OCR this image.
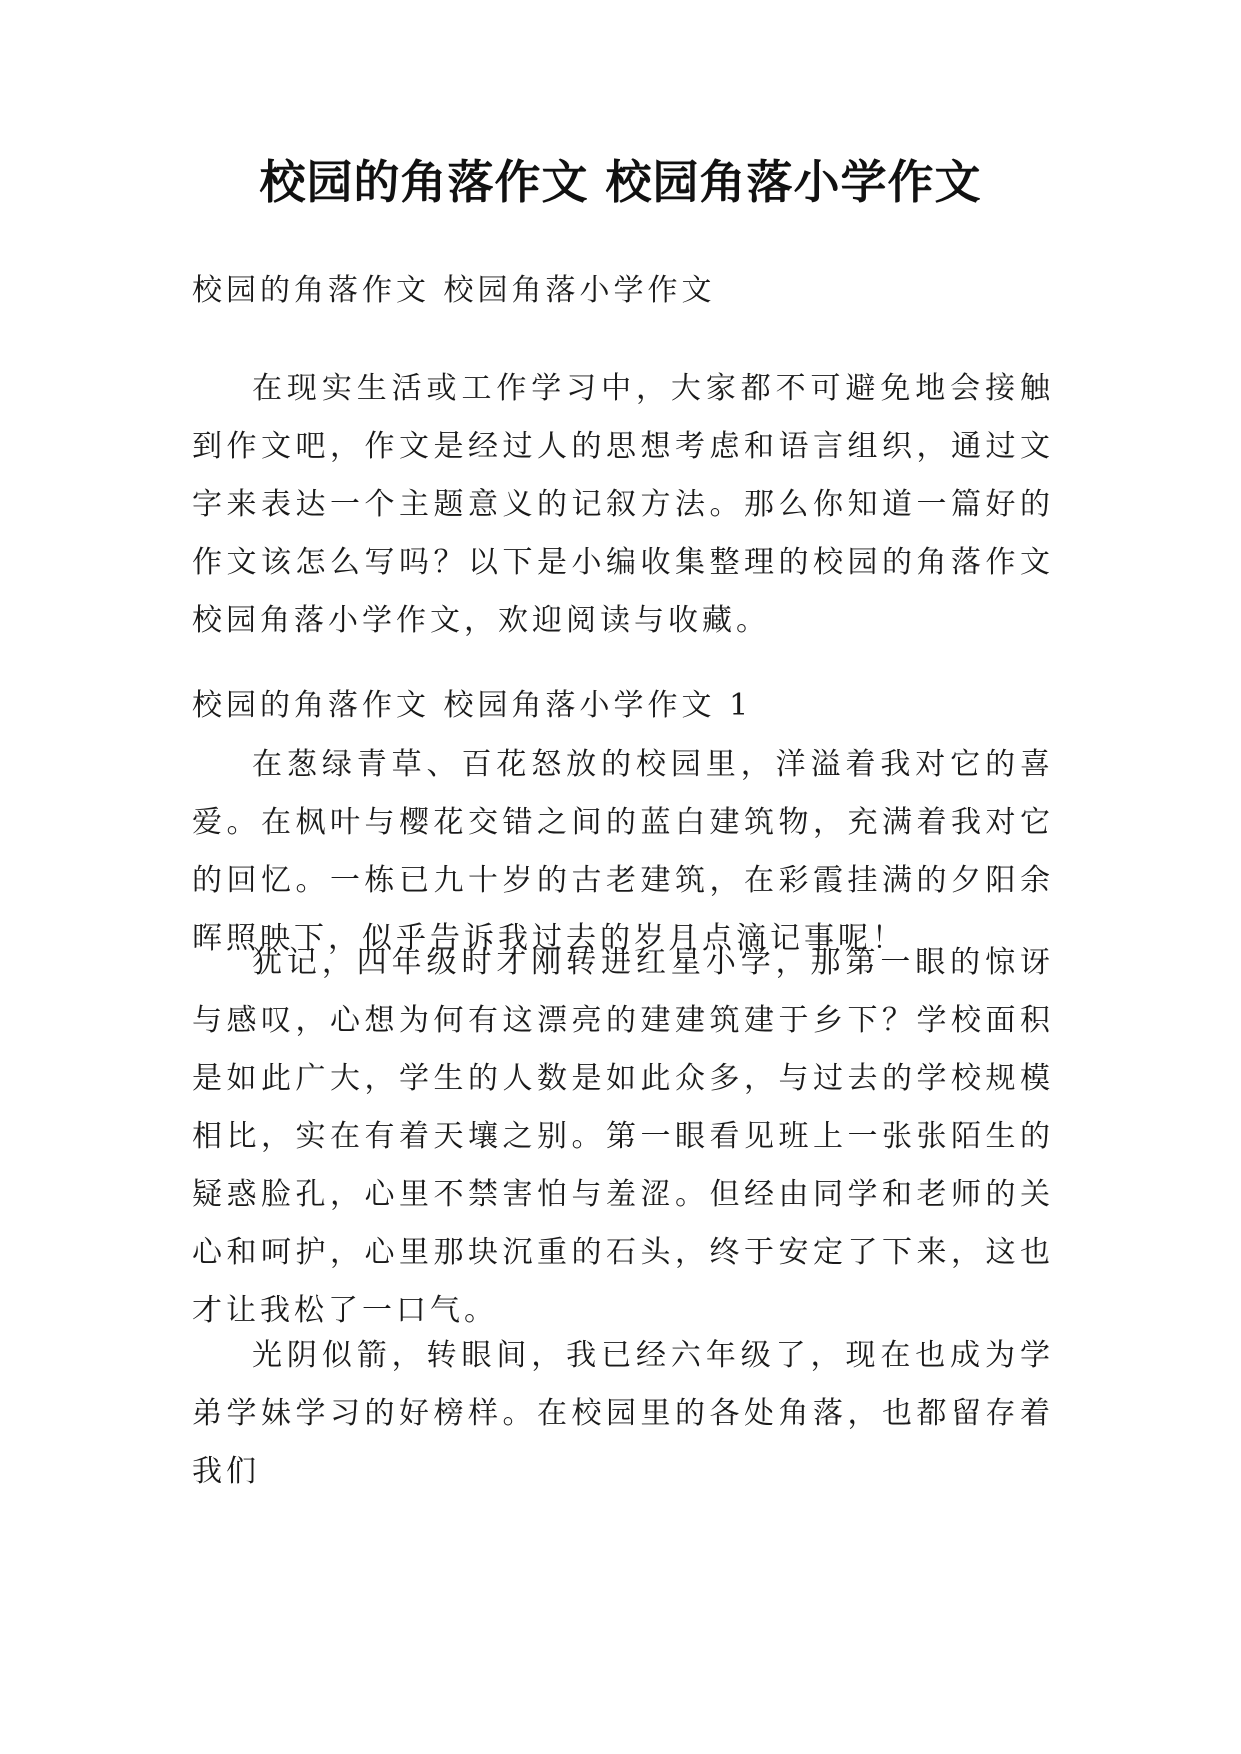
校园的角落作文 校园角落小学作文

校园的角落作文 校园角落小学作文

在现实生活或工作学习中，大家都不可避免地会接触到作文吧，作文是经过人的思想考虑和语言组织，通过文字来表达一个主题意义的记叙方法。那么你知道一篇好的作文该怎么写吗？以下是小编收集整理的校园的角落作文 校园角落小学作文，欢迎阅读与收藏。

校园的角落作文 校园角落小学作文 1

在葱绿青草、百花怒放的校园里，洋溢着我对它的喜爱。在枫叶与樱花交错之间的蓝白建筑物，充满着我对它的回忆。一栋已九十岁的古老建筑，在彩霞挂满的夕阳余晖照映下，似乎告诉我过去的岁月点滴记事呢！

犹记，四年级时才刚转进红星小学，那第一眼的惊讶与感叹，心想为何有这漂亮的建建筑建于乡下？学校面积是如此广大，学生的人数是如此众多，与过去的学校规模相比，实在有着天壤之别。第一眼看见班上一张张陌生的疑惑脸孔，心里不禁害怕与羞涩。但经由同学和老师的关心和呵护，心里那块沉重的石头，终于安定了下来，这也才让我松了一口气。

光阴似箭，转眼间，我已经六年级了，现在也成为学弟学妹学习的好榜样。在校园里的各处角落，也都留存着我们
